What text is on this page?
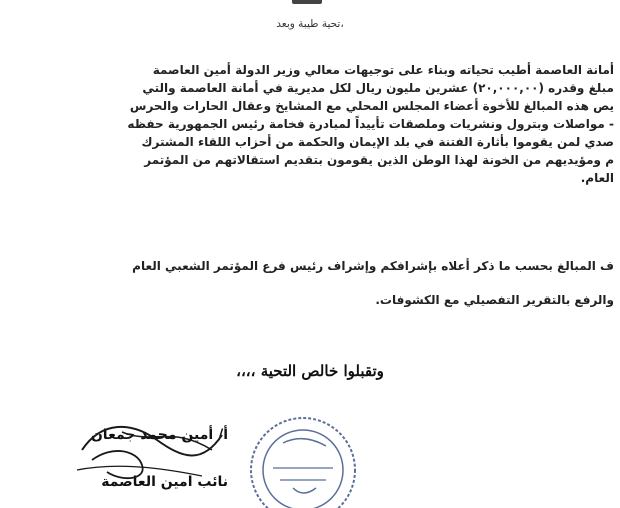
تحية طيبة وبعد،
أمانة العاصمة أطيب تحياته وبناء على توجيهات معالي وزير الدولة أمين العاصمة
مبلغ وقدره (٢٠,٠٠٠,٠٠) عشرين مليون ريال لكل مديرية في أمانة العاصمة والتي
يص هذه المبالغ للأخوة أعضاء المجلس المحلي مع المشايخ وعقال الحارات والحرس
- مواصلات وبترول ونشريات وملصقات تأييداً لمبادرة فخامة رئيس الجمهورية حفظه
صدي لمن يقوموا بأثارة الفتنة في بلد الإيمان والحكمة من أحزاب اللقاء المشترك
م ومؤيديهم من الخونة لهذا الوطن الذين يقومون بتقديم استقالاتهم من المؤتمر
العام.
ف المبالغ بحسب ما ذكر أعلاه بإشرافكم وإشراف رئيس فرع المؤتمر الشعبي العام
والرفع بالتقرير التفصيلي مع الكشوفات.
وتقبلوا خالص التحية ،،،،
أ/ أمين محمد جمعان
نائب امين العاصمة
